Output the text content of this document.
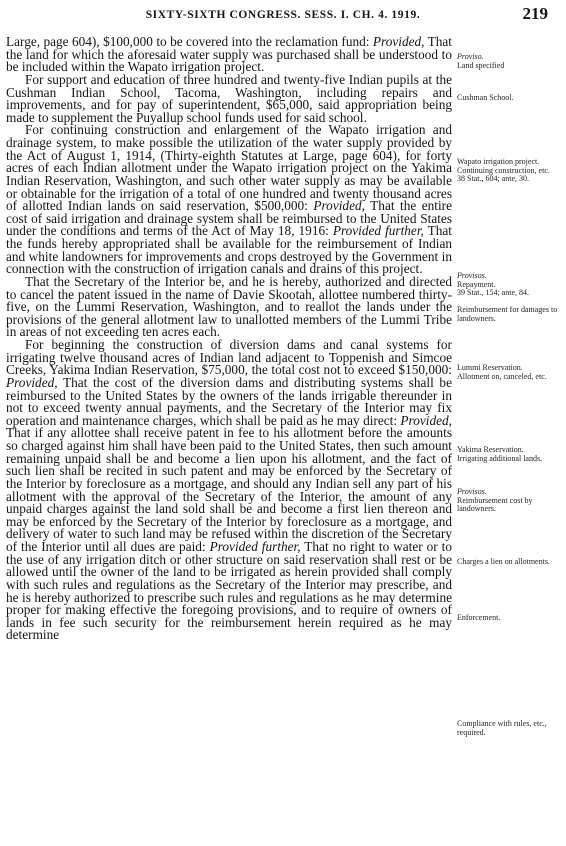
SIXTY-SIXTH CONGRESS. SESS. I. CH. 4. 1919.	219

Large, page 604), $100,000 to be covered into the reclamation fund: Provided, That the land for which the aforesaid water supply was purchased shall be understood to be included within the Wapato irrigation project.

For support and education of three hundred and twenty-five Indian pupils at the Cushman Indian School, Tacoma, Washington, including repairs and improvements, and for pay of superintendent, $65,000, said appropriation being made to supplement the Puyallup school funds used for said school.

For continuing construction and enlargement of the Wapato irrigation and drainage system, to make possible the utilization of the water supply provided by the Act of August 1, 1914, (Thirty-eighth Statutes at Large, page 604), for forty acres of each Indian allotment under the Wapato irrigation project on the Yakima Indian Reservation, Washington, and such other water supply as may be available or obtainable for the irrigation of a total of one hundred and twenty thousand acres of allotted Indian lands on said reservation, $500,000: Provided, That the entire cost of said irrigation and drainage system shall be reimbursed to the United States under the conditions and terms of the Act of May 18, 1916: Provided further, That the funds hereby appropriated shall be available for the reimbursement of Indian and white landowners for improvements and crops destroyed by the Government in connection with the construction of irrigation canals and drains of this project.

That the Secretary of the Interior be, and he is hereby, authorized and directed to cancel the patent issued in the name of Davie Skootah, allottee numbered thirty-five, on the Lummi Reservation, Washington, and to reallot the lands under the provisions of the general allotment law to unallotted members of the Lummi Tribe in areas of not exceeding ten acres each.

For beginning the construction of diversion dams and canal systems for irrigating twelve thousand acres of Indian land adjacent to Toppenish and Simcoe Creeks, Yakima Indian Reservation, $75,000, the total cost not to exceed $150,000: Provided, That the cost of the diversion dams and distributing systems shall be reimbursed to the United States by the owners of the lands irrigable thereunder in not to exceed twenty annual payments, and the Secretary of the Interior may fix operation and maintenance charges, which shall be paid as he may direct: Provided, That if any allottee shall receive patent in fee to his allotment before the amounts so charged against him shall have been paid to the United States, then such amount remaining unpaid shall be and become a lien upon his allotment, and the fact of such lien shall be recited in such patent and may be enforced by the Secretary of the Interior by foreclosure as a mortgage, and should any Indian sell any part of his allotment with the approval of the Secretary of the Interior, the amount of any unpaid charges against the land sold shall be and become a first lien thereon and may be enforced by the Secretary of the Interior by foreclosure as a mortgage, and delivery of water to such land may be refused within the discretion of the Secretary of the Interior until all dues are paid: Provided further, That no right to water or to the use of any irrigation ditch or other structure on said reservation shall rest or be allowed until the owner of the land to be irrigated as herein provided shall comply with such rules and regulations as the Secretary of the Interior may prescribe, and he is hereby authorized to prescribe such rules and regulations as he may determine proper for making effective the foregoing provisions, and to require of owners of lands in fee such security for the reimbursement herein required as he may determine

Proviso.
Land specified
Cushman School.
Wapato irrigation project.
Continuing construction, etc.
38 Stat., 604; ante, 30.
Provisos.
Repayment.
39 Stat., 154; ante, 84.
Reimbursement for damages to landowners.
Lummi Reservation.
Allotment on, canceled, etc.
Yakima Reservation.
Irrigating additional lands.
Provisos.
Reimbursement cost by landowners.
Charges a lien on allotments.
Enforcement.
Compliance with rules, etc., required.
